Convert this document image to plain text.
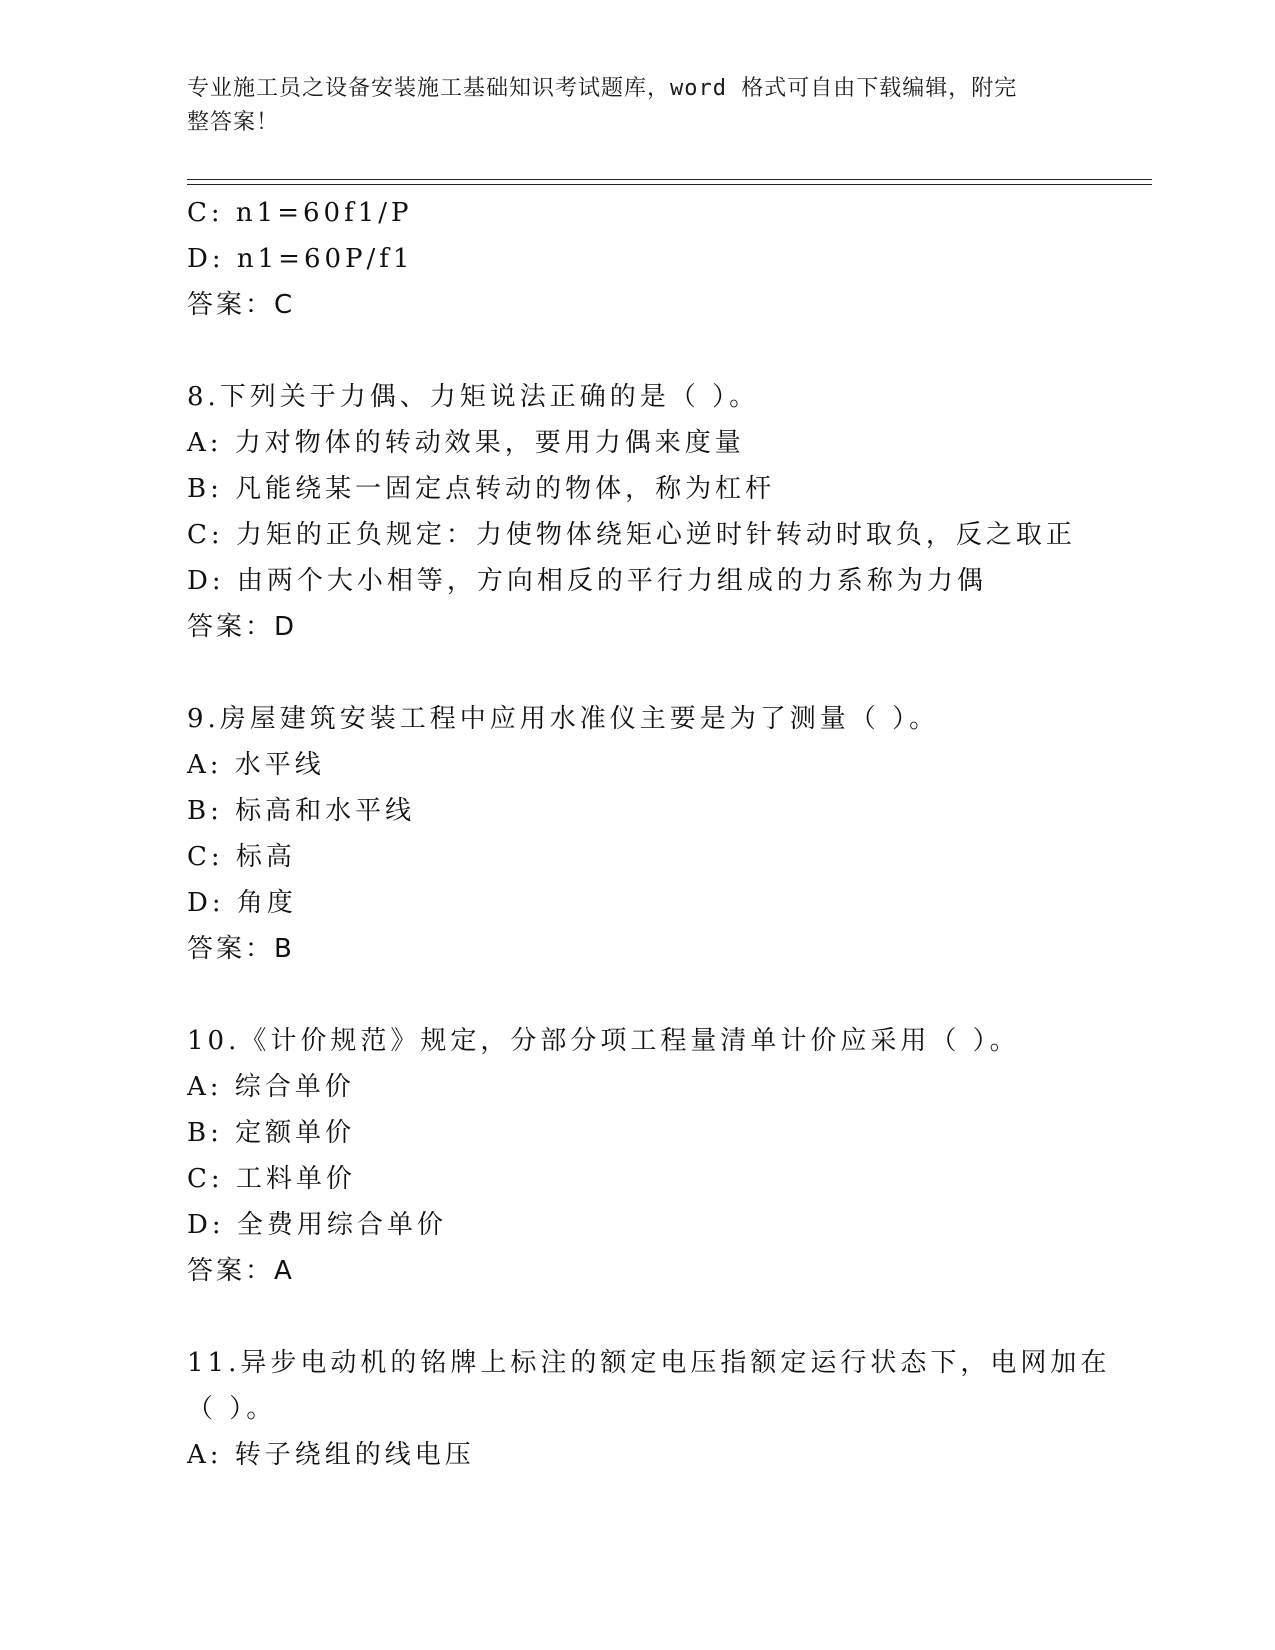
专业施工员之设备安装施工基础知识考试题库，word 格式可自由下载编辑，附完
整答案！
C: n1=60f1/P
D: n1=60P/f1
答案：C
8.下列关于力偶、力矩说法正确的是（ ）。
A: 力对物体的转动效果，要用力偶来度量
B: 凡能绕某一固定点转动的物体，称为杠杆
C: 力矩的正负规定：力使物体绕矩心逆时针转动时取负，反之取正
D: 由两个大小相等，方向相反的平行力组成的力系称为力偶
答案：D
9.房屋建筑安装工程中应用水准仪主要是为了测量（ ）。
A: 水平线
B: 标高和水平线
C: 标高
D: 角度
答案：B
10.《计价规范》规定，分部分项工程量清单计价应采用（ ）。
A: 综合单价
B: 定额单价
C: 工料单价
D: 全费用综合单价
答案：A
11.异步电动机的铭牌上标注的额定电压指额定运行状态下，电网加在
（ ）。
A: 转子绕组的线电压
